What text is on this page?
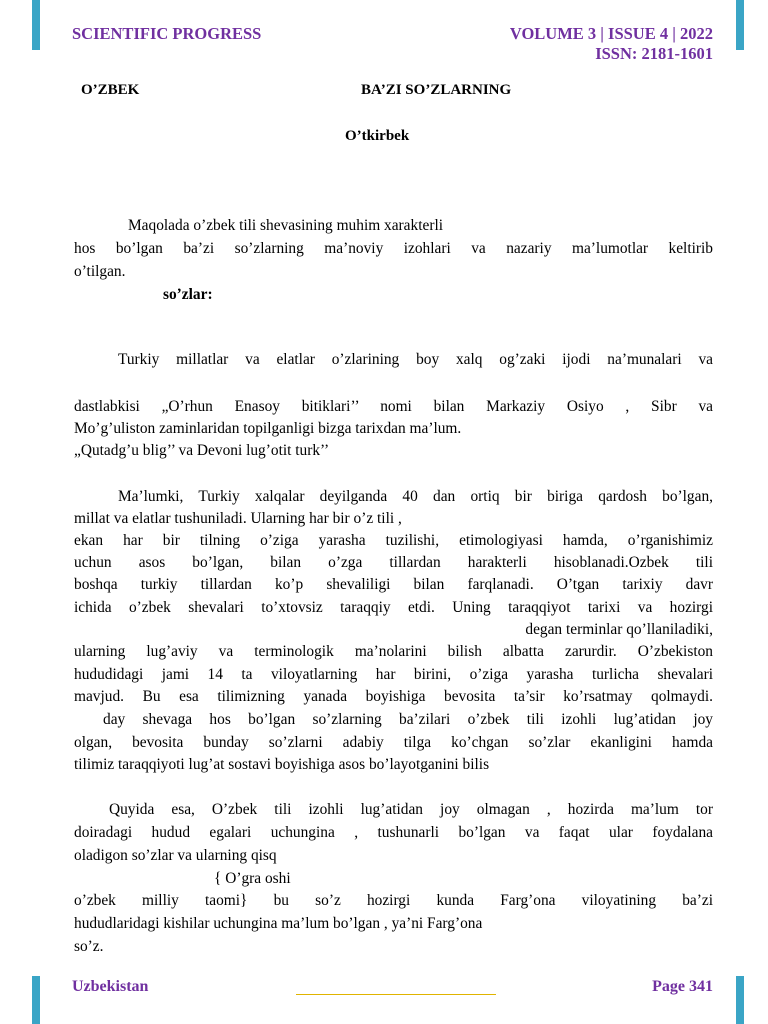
SCIENTIFIC PROGRESS	VOLUME 3 | ISSUE 4 | 2022
ISSN: 2181-1601
O’ZBEK	BA’ZI SO’ZLARNING
O’tkirbek
Maqolada o’zbek tili shevasining muhim xarakterli
hos bo’lgan ba’zi so’zlarning ma’noviy izohlari va nazariy ma’lumotlar keltirib
o’tilgan.
so’zlar:
Turkiy millatlar va elatlar o’zlarining boy xalq og’zaki ijodi na’munalari va
dastlabkisi „O’rhun Enasoy bitiklari’’ nomi bilan Markaziy Osiyo , Sibr va
Mo’g’uliston zaminlaridan topilganligi bizga tarixdan ma’lum.
„Qutadg’u blig’’ va Devoni lug’otit turk’’
Ma’lumki, Turkiy xalqalar deyilganda 40 dan ortiq bir biriga qardosh bo’lgan,
millat va elatlar tushuniladi. Ularning har bir o’z tili ,
ekan har bir tilning o’ziga yarasha tuzilishi, etimologiyasi hamda, o’rganishimiz
uchun asos bo’lgan, bilan o’zga tillardan harakterli hisoblanadi.Ozbek tili
boshqa turkiy tillardan ko’p shevaliligi bilan farqlanadi. O’tgan tarixiy davr
ichida o’zbek shevalari to’xtovsiz taraqqiy etdi. Uning taraqqiyot tarixi va hozirgi
degan terminlar qo’llaniladiki,
ularning lug’aviy va terminologik ma’nolarini bilish albatta zarurdir. O’zbekiston
hududidagi jami 14 ta viloyatlarning har birini, o’ziga yarasha turlicha shevalari
mavjud. Bu esa tilimizning yanada boyishiga bevosita ta’sir ko’rsatmay qolmaydi.
day shevaga hos bo’lgan so’zlarning ba’zilari o’zbek tili izohli lug’atidan joy
olgan, bevosita bunday so’zlarni adabiy tilga ko’chgan so’zlar ekanligini hamda
tilimiz taraqqiyoti lug’at sostavi boyishiga asos bo’layotganini bilis
Quyida esa, O’zbek tili izohli lug’atidan joy olmagan , hozirda ma’lum tor
doiradagi hudud egalari uchungina , tushunarli bo’lgan va faqat ular foydalana
oladigon so’zlar va ularning qisq
{ O’gra oshi
o’zbek milliy taomi} bu so’z hozirgi kunda Farg’ona viloyatining ba’zi
hududlaridagi kishilar uchungina ma’lum bo’lgan , ya’ni Farg’ona
so’z.
Uzbekistan	Page 341
